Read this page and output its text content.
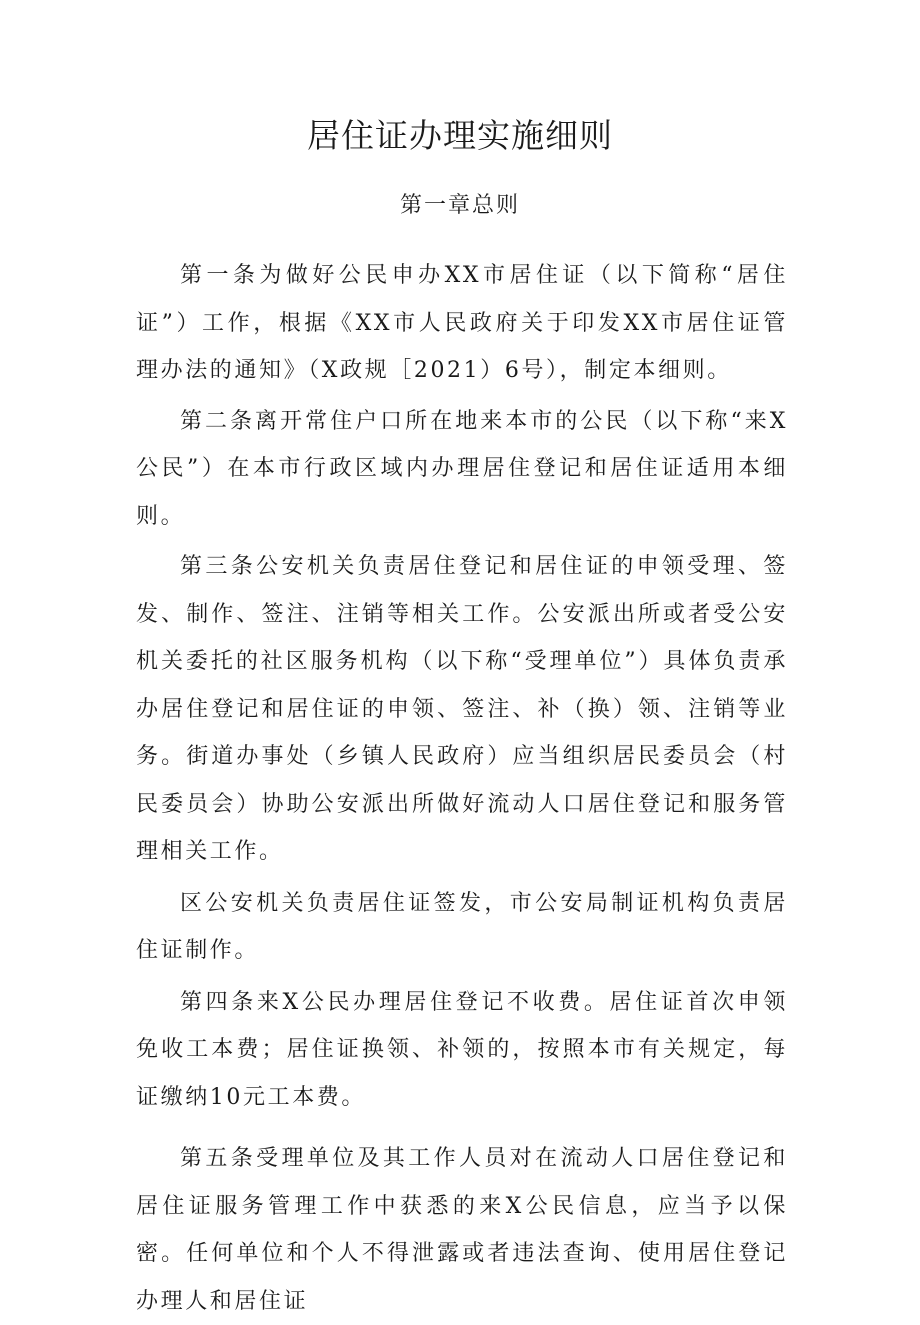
居住证办理实施细则
第一章总则

第一条为做好公民申办XX市居住证（以下简称“居住证”）工作，根据《XX市人民政府关于印发XX市居住证管理办法的通知》（X政规［2021）6号），制定本细则。

第二条离开常住户口所在地来本市的公民（以下称“来X公民”）在本市行政区域内办理居住登记和居住证适用本细则。

第三条公安机关负责居住登记和居住证的申领受理、签发、制作、签注、注销等相关工作。公安派出所或者受公安机关委托的社区服务机构（以下称“受理单位”）具体负责承办居住登记和居住证的申领、签注、补（换）领、注销等业务。街道办事处（乡镇人民政府）应当组织居民委员会（村民委员会）协助公安派出所做好流动人口居住登记和服务管理相关工作。

区公安机关负责居住证签发，市公安局制证机构负责居住证制作。

第四条来X公民办理居住登记不收费。居住证首次申领免收工本费；居住证换领、补领的，按照本市有关规定，每证缴纳10元工本费。

第五条受理单位及其工作人员对在流动人口居住登记和居住证服务管理工作中获悉的来X公民信息，应当予以保密。任何单位和个人不得泄露或者违法查询、使用居住登记办理人和居住证
